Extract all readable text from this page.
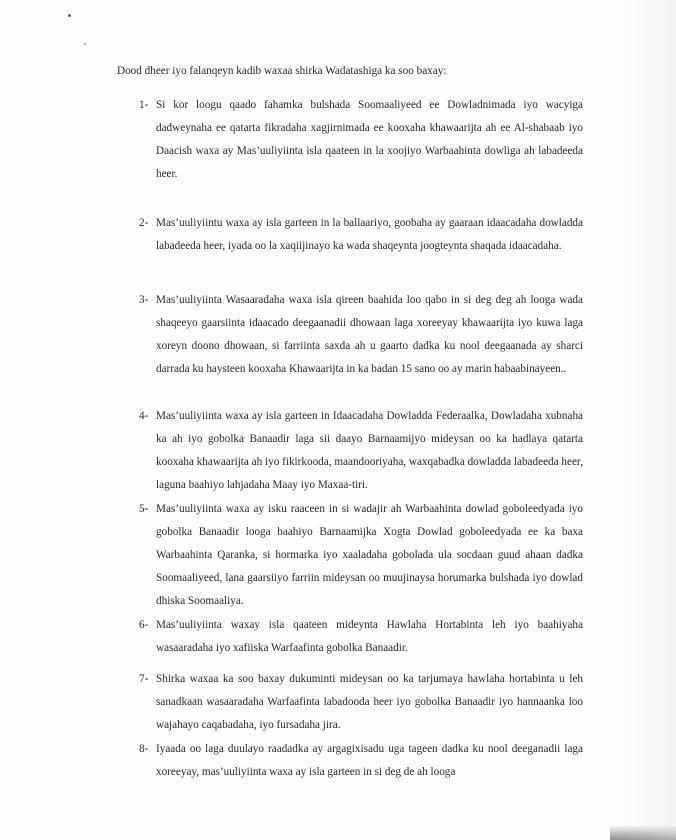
Dood dheer iyo falanqeyn kadib waxaa shirka Wadatashiga ka soo baxay:
1- Si kor loogu qaado fahamka bulshada Soomaaliyeed ee Dowladnimada iyo wacyiga dadweynaha ee qatarta fikradaha xagjirnimada ee kooxaha khawaarijta ah ee Al-shabaab iyo Daacish waxa ay Mas’uuliyiinta isla qaateen in la xoojiyo Warbaahinta dowliga ah labadeeda heer.

2- Mas’uuliyiintu waxa ay isla garteen in la ballaariyo, goobaha ay gaaraan idaacadaha dowladda labadeeda heer, iyada oo la xaqiijinayo ka wada shaqeynta joogteynta shaqada idaacadaha.

3- Mas’uuliyiinta Wasaaradaha waxa isla qireen baahida loo qabo in si deg deg ah looga wada shaqeeyo gaarsiinta idaacado deegaanadii dhowaan laga xoreeyay khawaarijta iyo kuwa laga xoreyn doono dhowaan, si farriinta saxda ah u gaarto dadka ku nool deegaanada ay sharci darrada ku haysteen kooxaha Khawaarijta in ka badan 15 sano oo ay marin habaabinayeen..

4- Mas’uuliyiinta waxa ay isla garteen in Idaacadaha Dowladda Federaalka, Dowladaha xubnaha ka ah iyo gobolka Banaadir laga sii daayo Barnaamijyo mideysan oo ka hadlaya qatarta kooxaha khawaarijta ah iyo fikirkooda, maandooriyaha, waxqabadka dowladda labadeeda heer, laguna baahiyo lahjadaha Maay iyo Maxaa-tiri.

5- Mas’uuliyiinta waxa ay isku raaceen in si wadajir ah Warbaahinta dowlad goboleedyada iyo gobolka Banaadir looga baahiyo Barnaamijka Xogta Dowlad goboleedyada ee ka baxa Warbaahinta Qaranka, si hormarka iyo xaaladaha gobolada ula socdaan guud ahaan dadka Soomaaliyeed, lana gaarsiiyo farriin mideysan oo muujinaysa horumarka bulshada iyo dowlad dhiska Soomaaliya.

6- Mas’uuliyiinta waxay isla qaateen mideynta Hawlaha Hortabinta leh iyo baahiyaha wasaaradaha iyo xafiiska Warfaafinta gobolka Banaadir.

7- Shirka waxaa ka soo baxay dukuminti mideysan oo ka tarjumaya hawlaha hortabinta u leh sanadkaan wasaaradaha Warfaafinta labadooda heer iyo gobolka Banaadir iyo hannaanka loo wajahayo caqabadaha, iyo fursadaha jira.

8- Iyaada oo laga duulayo raadadka ay argagixisadu uga tageen dadka ku nool deeganadii laga xoreeyay, mas’uuliyiinta waxa ay isla garteen in si deg de ah looga
